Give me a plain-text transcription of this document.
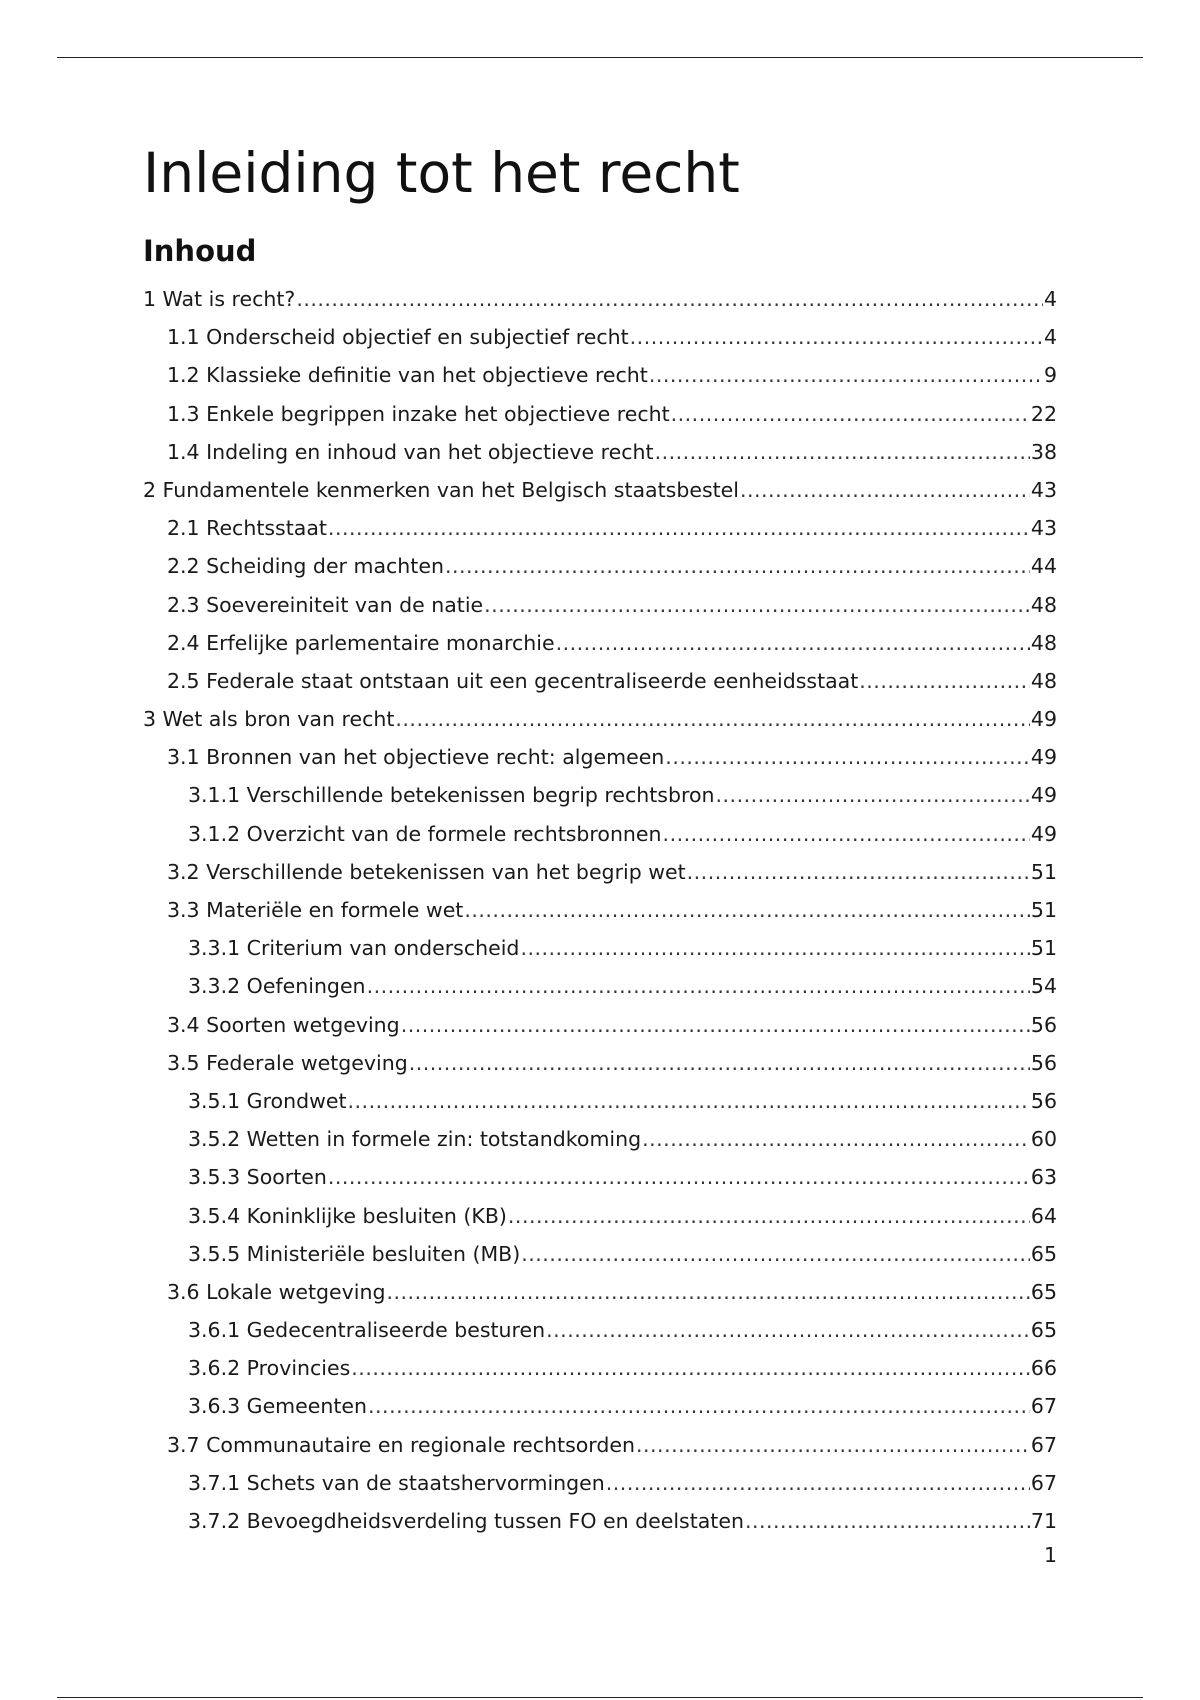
Inleiding tot het recht
Inhoud
1 Wat is recht? .....	4
1.1 Onderscheid objectief en subjectief recht .....	4
1.2 Klassieke definitie van het objectieve recht .....	9
1.3 Enkele begrippen inzake het objectieve recht .....	22
1.4 Indeling en inhoud van het objectieve recht .....	38
2 Fundamentele kenmerken van het Belgisch staatsbestel .....	43
2.1 Rechtsstaat .....	43
2.2 Scheiding der machten .....	44
2.3 Soevereiniteit van de natie .....	48
2.4 Erfelijke parlementaire monarchie .....	48
2.5 Federale staat ontstaan uit een gecentraliseerde eenheidsstaat .....	48
3 Wet als bron van recht .....	49
3.1 Bronnen van het objectieve recht: algemeen .....	49
3.1.1 Verschillende betekenissen begrip rechtsbron .....	49
3.1.2 Overzicht van de formele rechtsbronnen .....	49
3.2 Verschillende betekenissen van het begrip wet .....	51
3.3 Materiële en formele wet .....	51
3.3.1 Criterium van onderscheid .....	51
3.3.2 Oefeningen .....	54
3.4 Soorten wetgeving .....	56
3.5 Federale wetgeving .....	56
3.5.1 Grondwet .....	56
3.5.2 Wetten in formele zin: totstandkoming .....	60
3.5.3 Soorten .....	63
3.5.4 Koninklijke besluiten (KB) .....	64
3.5.5 Ministeriële besluiten (MB) .....	65
3.6 Lokale wetgeving .....	65
3.6.1 Gedecentraliseerde besturen .....	65
3.6.2 Provincies .....	66
3.6.3 Gemeenten .....	67
3.7 Communautaire en regionale rechtsorden .....	67
3.7.1 Schets van de staatshervormingen .....	67
3.7.2 Bevoegdheidsverdeling tussen FO en deelstaten .....	71
1
